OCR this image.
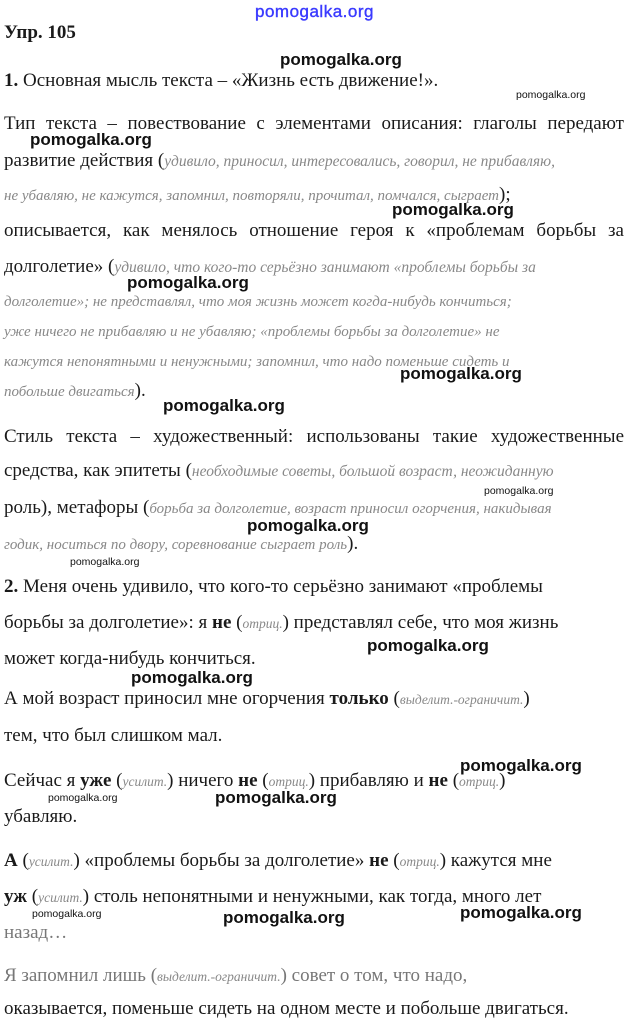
pomogalka.org
Упр. 105
1. Основная мысль текста – «Жизнь есть движение!».
Тип текста – повествование с элементами описания: глаголы передают
развитие действия (удивило, приносил, интересовались, говорил, не прибавляю,
не убавляю, не кажутся, запомнил, повторяли, прочитал, помчался, сыграет);
описывается, как менялось отношение героя к «проблемам борьбы за
долголетие» (удивило, что кого-то серьёзно занимают «проблемы борьбы за
долголетие»; не представлял, что моя жизнь может когда-нибудь кончиться;
уже ничего не прибавляю и не убавляю; «проблемы борьбы за долголетие» не
кажутся непонятными и ненужными; запомнил, что надо поменьше сидеть и
побольше двигаться).
Стиль текста – художественный: использованы такие художественные
средства, как эпитеты (необходимые советы, большой возраст, неожиданную
роль), метафоры (борьба за долголетие, возраст приносил огорчения, накидывая
годик, носиться по двору, соревнование сыграет роль).
2. Меня очень удивило, что кого-то серьёзно занимают «проблемы
борьбы за долголетие»: я не (отриц.) представлял себе, что моя жизнь
может когда-нибудь кончиться.
А мой возраст приносил мне огорчения только (выделит.-ограничит.)
тем, что был слишком мал.
Сейчас я уже (усилит.) ничего не (отриц.) прибавляю и не (отриц.)
убавляю.
А (усилит.) «проблемы борьбы за долголетие» не (отриц.) кажутся мне
уж (усилит.) столь непонятными и ненужными, как тогда, много лет
назад…
Я запомнил лишь (выделит.-ограничит.) совет о том, что надо,
оказывается, поменьше сидеть на одном месте и побольше двигаться.
pomogalka.org
pomogalka.org
pomogalka.org
pomogalka.org
pomogalka.org
pomogalka.org
pomogalka.org
pomogalka.org
pomogalka.org
pomogalka.org
pomogalka.org
pomogalka.org
pomogalka.org
pomogalka.org	pomogalka.org
pomogalka.org	pomogalka.org	pomogalka.org
